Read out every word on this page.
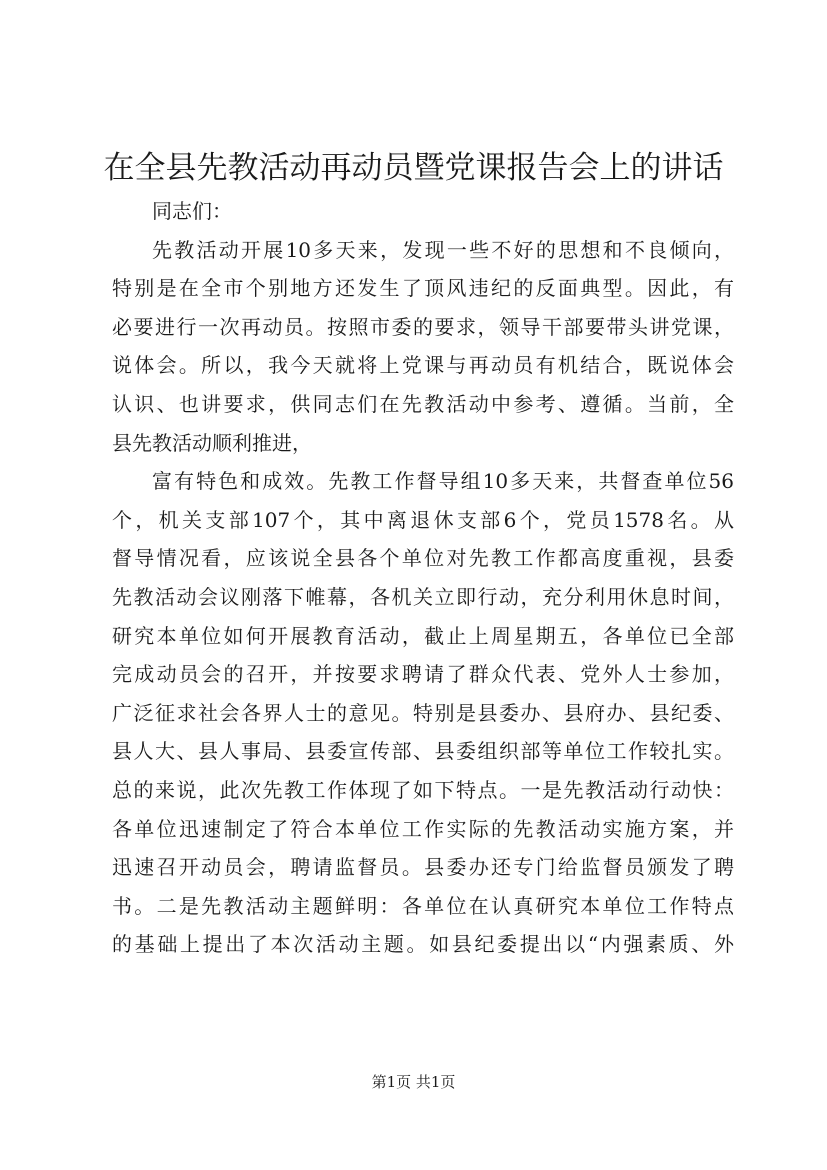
在全县先教活动再动员暨党课报告会上的讲话
同志们：
先教活动开展10多天来，发现一些不好的思想和不良倾向，
特别是在全市个别地方还发生了顶风违纪的反面典型。因此，有
必要进行一次再动员。按照市委的要求，领导干部要带头讲党课，
说体会。所以，我今天就将上党课与再动员有机结合，既说体会
认识、也讲要求，供同志们在先教活动中参考、遵循。当前，全
县先教活动顺利推进，
富有特色和成效。先教工作督导组10多天来，共督查单位56
个，机关支部107个，其中离退休支部6个，党员1578名。从
督导情况看，应该说全县各个单位对先教工作都高度重视，县委
先教活动会议刚落下帷幕，各机关立即行动，充分利用休息时间，
研究本单位如何开展教育活动，截止上周星期五，各单位已全部
完成动员会的召开，并按要求聘请了群众代表、党外人士参加，
广泛征求社会各界人士的意见。特别是县委办、县府办、县纪委、
县人大、县人事局、县委宣传部、县委组织部等单位工作较扎实。
总的来说，此次先教工作体现了如下特点。一是先教活动行动快：
各单位迅速制定了符合本单位工作实际的先教活动实施方案，并
迅速召开动员会，聘请监督员。县委办还专门给监督员颁发了聘
书。二是先教活动主题鲜明：各单位在认真研究本单位工作特点
的基础上提出了本次活动主题。如县纪委提出以“内强素质、外
第1页 共1页
